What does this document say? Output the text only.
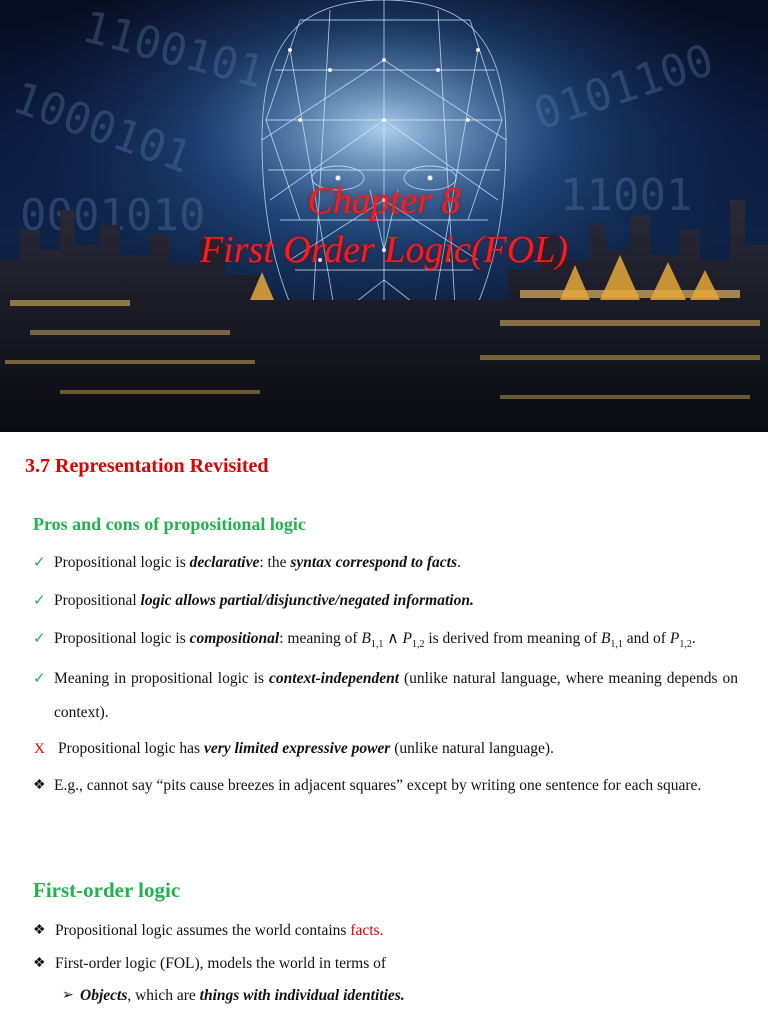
1000101
0001010
0101100
11001
1100101
Chapter 8
First Order Logic(FOL)
3.7 Representation Revisited
Pros and cons of propositional logic
✓ Propositional logic is declarative: the syntax correspond to facts.
✓ Propositional logic allows partial/disjunctive/negated information.
✓ Propositional logic is compositional: meaning of $B_{1,1}$ ∧ $P_{1,2}$ is derived from meaning of $B_{1,1}$ and of $P_{1,2}$.
✓ Meaning in propositional logic is context-independent (unlike natural language, where meaning depends on context).
X Propositional logic has very limited expressive power (unlike natural language).
❖ E.g., cannot say “pits cause breezes in adjacent squares” except by writing one sentence for each square.
First-order logic
❖ Propositional logic assumes the world contains facts.
❖ First-order logic (FOL), models the world in terms of
➢ Objects, which are things with individual identities.
